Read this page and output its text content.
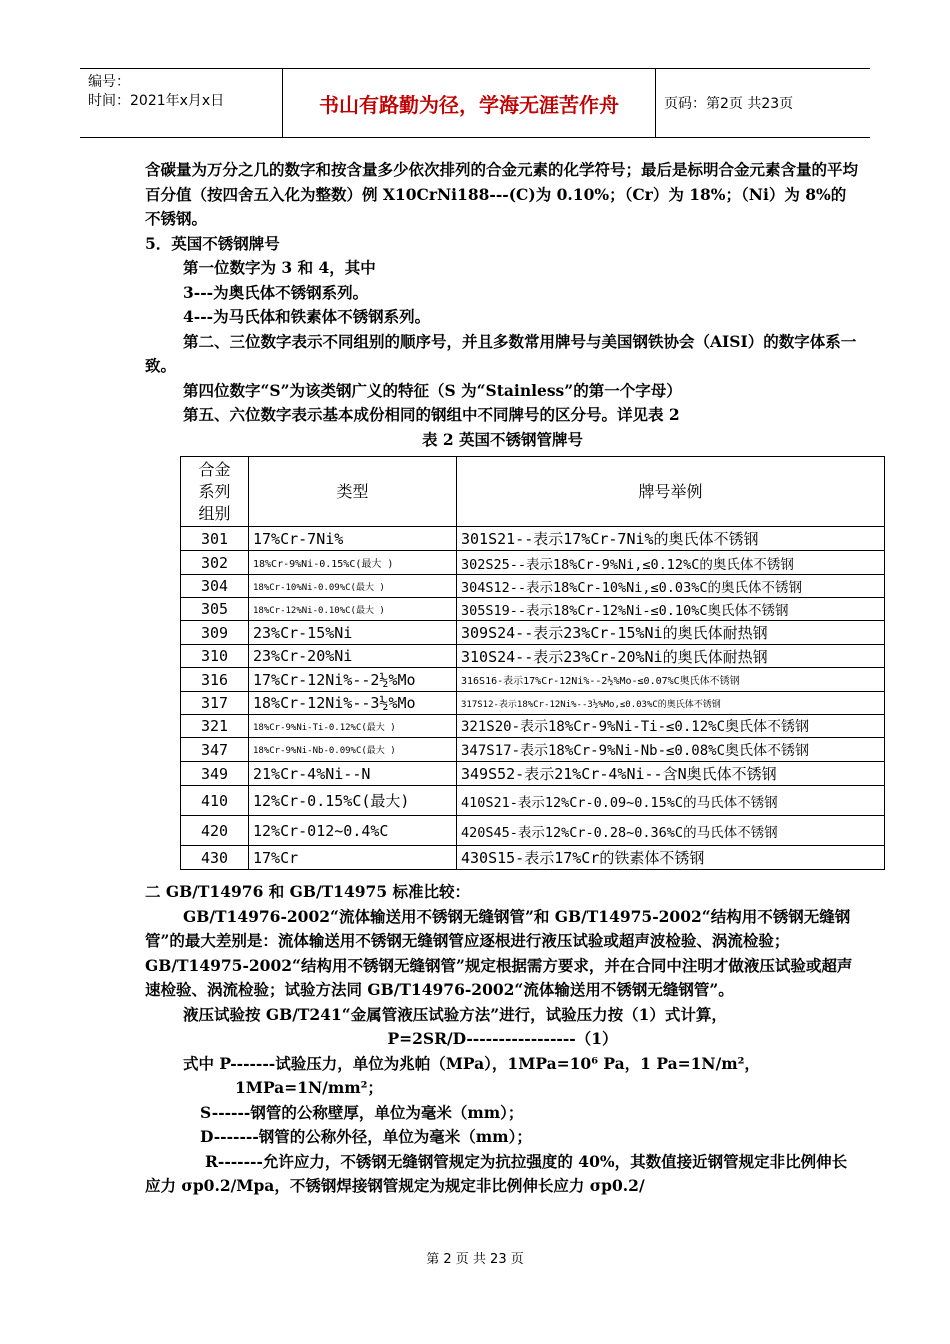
编号：
时间：2021年x月x日	书山有路勤为径，学海无涯苦作舟	页码：第2页 共23页

含碳量为万分之几的数字和按含量多少依次排列的合金元素的化学符号；最后是标明合金元素含量的平均百分值（按四舍五入化为整数）例 X10CrNi188---(C)为 0.10%；（Cr）为 18%；（Ni）为 8%的不锈钢。

5．英国不锈钢牌号

第一位数字为 3 和 4，其中

3---为奥氏体不锈钢系列。

4---为马氏体和铁素体不锈钢系列。

第二、三位数字表示不同组别的顺序号，并且多数常用牌号与美国钢铁协会（AISI）的数字体系一致。

第四位数字“S”为该类钢广义的特征（S 为“Stainless”的第一个字母）

第五、六位数字表示基本成份相同的钢组中不同牌号的区分号。详见表 2

表 2 英国不锈钢管牌号

合金
系列
组别	类型	牌号举例
301	17%Cr-7Ni%	301S21--表示17%Cr-7Ni%的奥氏体不锈钢
302	18%Cr-9%Ni-0.15%C(最大 )	302S25--表示18%Cr-9%Ni,≤0.12%C的奥氏体不锈钢
304	18%Cr-10%Ni-0.09%C(最大 )	304S12--表示18%Cr-10%Ni,≤0.03%C的奥氏体不锈钢
305	18%Cr-12%Ni-0.10%C(最大 )	305S19--表示18%Cr-12%Ni-≤0.10%C奥氏体不锈钢
309	23%Cr-15%Ni	309S24--表示23%Cr-15%Ni的奥氏体耐热钢
310	23%Cr-20%Ni	310S24--表示23%Cr-20%Ni的奥氏体耐热钢
316	17%Cr-12Ni%--2½%Mo	316S16-表示17%Cr-12Ni%--2½%Mo-≤0.07%C奥氏体不锈钢
317	18%Cr-12Ni%--3½%Mo	317S12-表示18%Cr-12Ni%--3½%Mo,≤0.03%C的奥氏体不锈钢
321	18%Cr-9%Ni-Ti-0.12%C(最大 )	321S20-表示18%Cr-9%Ni-Ti-≤0.12%C奥氏体不锈钢
347	18%Cr-9%Ni-Nb-0.09%C(最大 )	347S17-表示18%Cr-9%Ni-Nb-≤0.08%C奥氏体不锈钢
349	21%Cr-4%Ni--N	349S52-表示21%Cr-4%Ni--含N奥氏体不锈钢
410	12%Cr-0.15%C(最大)	410S21-表示12%Cr-0.09~0.15%C的马氏体不锈钢
420	12%Cr-012~0.4%C	420S45-表示12%Cr-0.28~0.36%C的马氏体不锈钢
430	17%Cr	430S15-表示17%Cr的铁素体不锈钢

二 GB/T14976 和 GB/T14975 标准比较：

GB/T14976-2002“流体输送用不锈钢无缝钢管”和 GB/T14975-2002“结构用不锈钢无缝钢管”的最大差别是：流体输送用不锈钢无缝钢管应逐根进行液压试验或超声波检验、涡流检验；GB/T14975-2002“结构用不锈钢无缝钢管”规定根据需方要求，并在合同中注明才做液压试验或超声速检验、涡流检验；试验方法同 GB/T14976-2002“流体输送用不锈钢无缝钢管”。

液压试验按 GB/T241“金属管液压试验方法”进行，试验压力按（1）式计算，

P=2SR/D-----------------（1）

式中 P-------试验压力，单位为兆帕（MPa），1MPa=10⁶ Pa，1 Pa=1N/m²，

1MPa=1N/mm²；

S------钢管的公称壁厚，单位为毫米（mm）；

D-------钢管的公称外径，单位为毫米（mm）；

R-------允许应力，不锈钢无缝钢管规定为抗拉强度的 40%，其数值接近钢管规定非比例伸长应力 σp0.2/Mpa，不锈钢焊接钢管规定为规定非比例伸长应力 σp0.2/

第 2 页 共 23 页
